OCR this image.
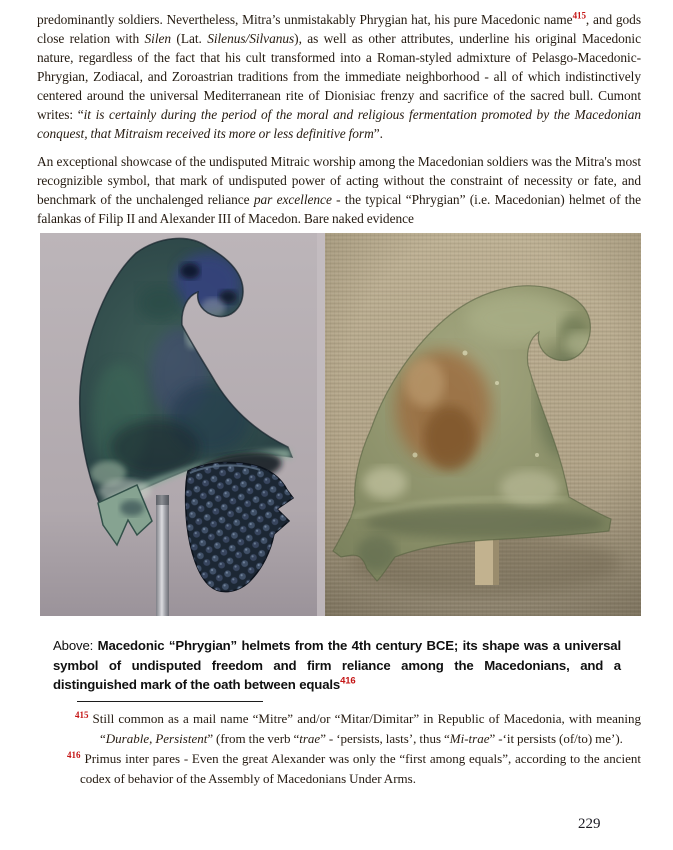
predominantly soldiers. Nevertheless, Mitra’s unmistakably Phrygian hat, his pure Macedonic name$^{415}$, and gods close relation with Silen (Lat. Silenus/Silvanus), as well as other attributes, underline his original Macedonic nature, regardless of the fact that his cult transformed into a Roman-styled admixture of Pelasgo-Macedonic-Phrygian, Zodiacal, and Zoroastrian traditions from the immediate neighborhood - all of which indistinctively centered around the universal Mediterranean rite of Dionisiac frenzy and sacrifice of the sacred bull. Cumont writes: “it is certainly during the period of the moral and religious fermentation promoted by the Macedonian conquest, that Mitraism received its more or less definitive form”.

An exceptional showcase of the undisputed Mitraic worship among the Macedonian soldiers was the Mitra's most recognizible symbol, that mark of undisputed power of acting without the constraint of necessity or fate, and benchmark of the unchalenged reliance par excellence - the typical “Phrygian” (i.e. Macedonian) helmet of the falankas of Filip II and Alexander III of Macedon. Bare naked evidence

Above: Macedonic “Phrygian” helmets from the 4th century BCE; its shape was a universal symbol of undisputed freedom and firm reliance among the Macedonians, and a distinguished mark of the oath between equals$^{416}$
$^{415}$ Still common as a mail name “Mitre” and/or “Mitar/Dimitar” in Republic of Macedonia, with meaning “Durable, Persistent” (from the verb “trae” - ‘persists, lasts’, thus “Mi-trae” -‘it persists (of/to) me’).
$^{416}$ Primus inter pares - Even the great Alexander was only the “first among equals”, according to the ancient codex of behavior of the Assembly of Macedonians Under Arms.
229
